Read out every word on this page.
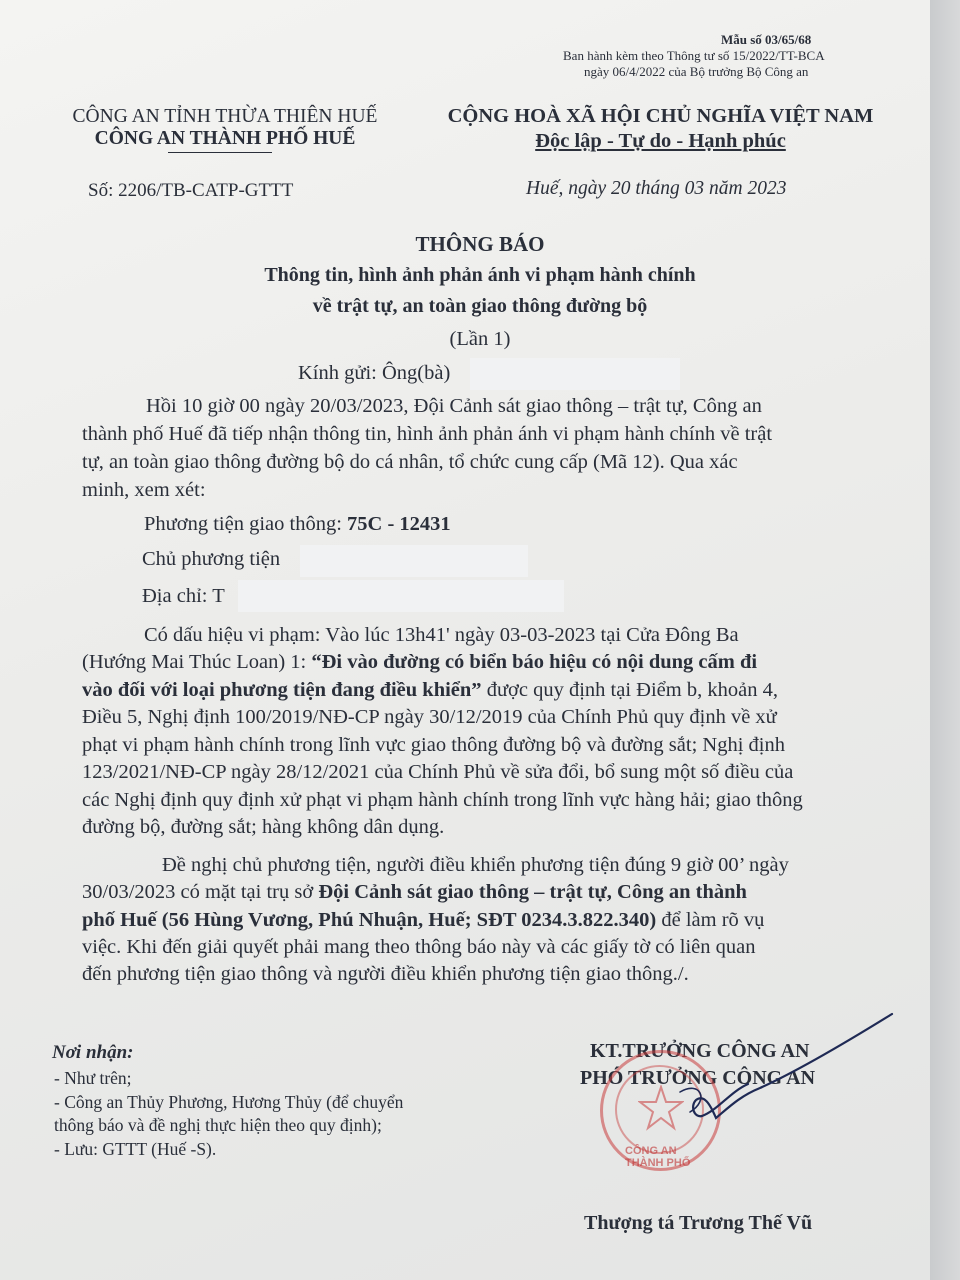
Mẫu số 03/65/68
Ban hành kèm theo Thông tư số 15/2022/TT-BCA
ngày 06/4/2022 của Bộ trưởng Bộ Công an
CÔNG AN TỈNH THỪA THIÊN HUẾ
CÔNG AN THÀNH PHỐ HUẾ
CỘNG HOÀ XÃ HỘI CHỦ NGHĨA VIỆT NAM
Độc lập - Tự do - Hạnh phúc
Số: 2206/TB-CATP-GTTT	Huế, ngày 20 tháng 03 năm 2023
THÔNG BÁO
Thông tin, hình ảnh phản ánh vi phạm hành chính
về trật tự, an toàn giao thông đường bộ
(Lần 1)
Kính gửi: Ông(bà)
Hồi 10 giờ 00 ngày 20/03/2023, Đội Cảnh sát giao thông – trật tự, Công an
thành phố Huế đã tiếp nhận thông tin, hình ảnh phản ánh vi phạm hành chính về trật
tự, an toàn giao thông đường bộ do cá nhân, tổ chức cung cấp (Mã 12). Qua xác
minh, xem xét:
Phương tiện giao thông: 75C - 12431
Chủ phương tiện
Địa chỉ: T
Có dấu hiệu vi phạm: Vào lúc 13h41' ngày 03-03-2023 tại Cửa Đông Ba
(Hướng Mai Thúc Loan) 1: “Đi vào đường có biển báo hiệu có nội dung cấm đi
vào đối với loại phương tiện đang điều khiển” được quy định tại Điểm b, khoản 4,
Điều 5, Nghị định 100/2019/NĐ-CP ngày 30/12/2019 của Chính Phủ quy định về xử
phạt vi phạm hành chính trong lĩnh vực giao thông đường bộ và đường sắt; Nghị định
123/2021/NĐ-CP ngày 28/12/2021 của Chính Phủ về sửa đổi, bổ sung một số điều của
các Nghị định quy định xử phạt vi phạm hành chính trong lĩnh vực hàng hải; giao thông
đường bộ, đường sắt; hàng không dân dụng.
Đề nghị chủ phương tiện, người điều khiển phương tiện đúng 9 giờ 00’ ngày
30/03/2023 có mặt tại trụ sở Đội Cảnh sát giao thông – trật tự, Công an thành
phố Huế (56 Hùng Vương, Phú Nhuận, Huế; SĐT 0234.3.822.340) để làm rõ vụ
việc. Khi đến giải quyết phải mang theo thông báo này và các giấy tờ có liên quan
đến phương tiện giao thông và người điều khiển phương tiện giao thông./.
Nơi nhận:
- Như trên;
- Công an Thủy Phương, Hương Thủy (để chuyển
thông báo và đề nghị thực hiện theo quy định);
- Lưu: GTTT (Huế -S).
KT.TRƯỞNG CÔNG AN
PHÓ TRƯỞNG CÔNG AN
CÔNG AN THÀNH PHỐ
Thượng tá Trương Thế Vũ
